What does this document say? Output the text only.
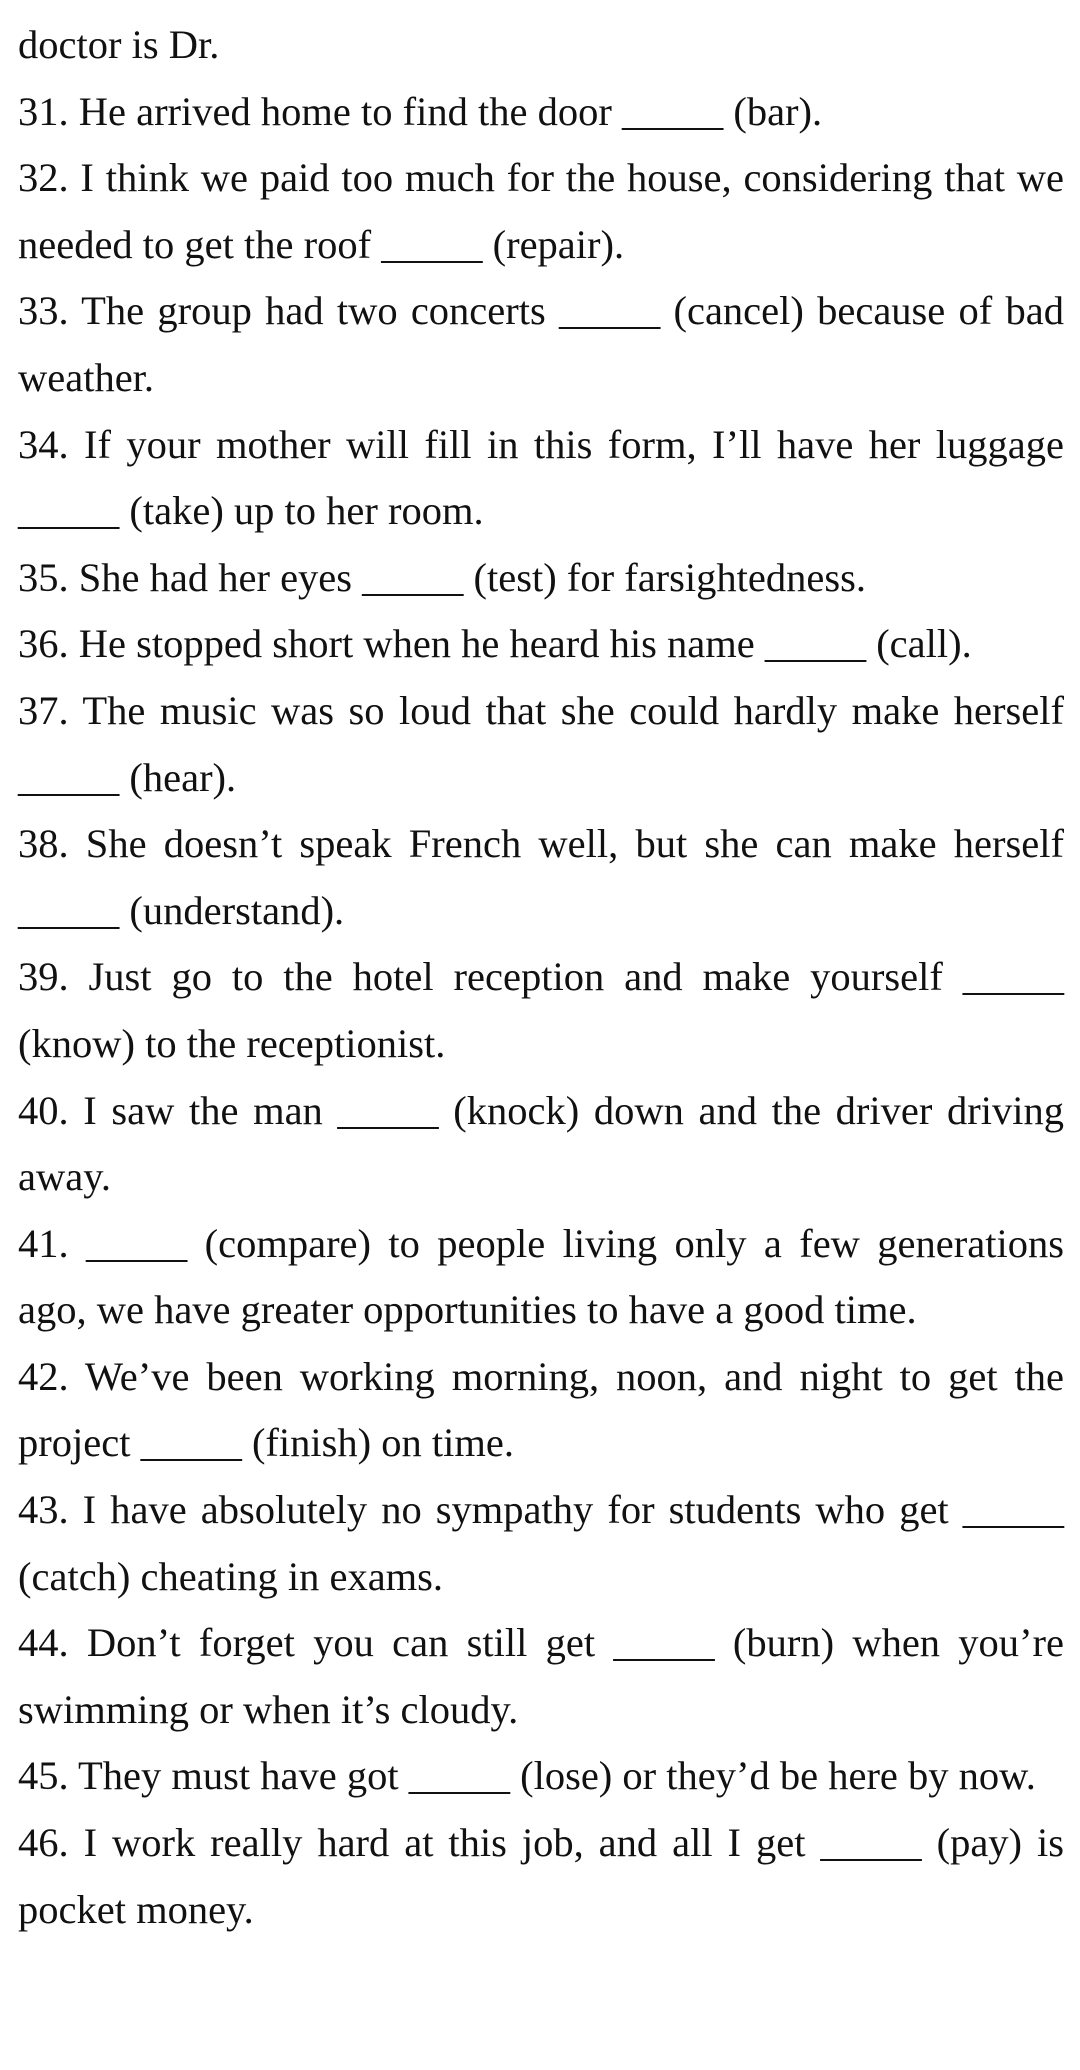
doctor is Dr.

31. He arrived home to find the door _____ (bar).

32. I think we paid too much for the house, considering that we needed to get the roof _____ (repair).

33. The group had two concerts _____ (cancel) because of bad weather.

34. If your mother will fill in this form, I’ll have her luggage _____ (take) up to her room.

35. She had her eyes _____ (test) for farsightedness.

36. He stopped short when he heard his name _____ (call).

37. The music was so loud that she could hardly make herself _____ (hear).

38. She doesn’t speak French well, but she can make herself _____ (understand).

39. Just go to the hotel reception and make yourself _____ (know) to the receptionist.

40. I saw the man _____ (knock) down and the driver driving away.

41. _____ (compare) to people living only a few generations ago, we have greater opportunities to have a good time.

42. We’ve been working morning, noon, and night to get the project _____ (finish) on time.

43. I have absolutely no sympathy for students who get _____ (catch) cheating in exams.

44. Don’t forget you can still get _____ (burn) when you’re swimming or when it’s cloudy.

45. They must have got _____ (lose) or they’d be here by now.

46. I work really hard at this job, and all I get _____ (pay) is pocket money.
